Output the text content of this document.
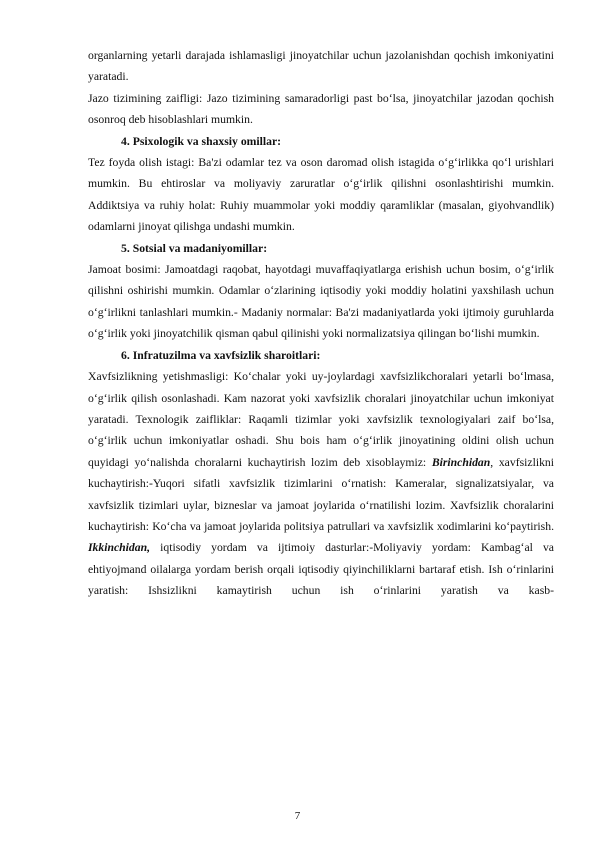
organlarning yetarli darajada ishlamasligi jinoyatchilar uchun jazolanishdan qochish imkoniyatini yaratadi.

Jazo tizimining zaifligi: Jazo tizimining samaradorligi past bo‘lsa, jinoyatchilar jazodan qochish osonroq deb hisoblashlari mumkin.

4. Psixologik va shaxsiy omillar:

Tez foyda olish istagi: Ba'zi odamlar tez va oson daromad olish istagida o‘g‘irlikka qo‘l urishlari mumkin. Bu ehtiroslar va moliyaviy zaruratlar o‘g‘irlik qilishni osonlashtirishi mumkin. Addiktsiya va ruhiy holat: Ruhiy muammolar yoki moddiy qaramliklar (masalan, giyohvandlik) odamlarni jinoyat qilishga undashi mumkin.

5. Sotsial va madaniyomillar:

Jamoat bosimi: Jamoatdagi raqobat, hayotdagi muvaffaqiyatlarga erishish uchun bosim, o‘g‘irlik qilishni oshirishi mumkin. Odamlar o‘zlarining iqtisodiy yoki moddiy holatini yaxshilash uchun o‘g‘irlikni tanlashlari mumkin.- Madaniy normalar: Ba'zi madaniyatlarda yoki ijtimoiy guruhlarda o‘g‘irlik yoki jinoyatchilik qisman qabul qilinishi yoki normalizatsiya qilingan bo‘lishi mumkin.

6. Infratuzilma va xavfsizlik sharoitlari:

Xavfsizlikning yetishmasligi: Ko‘chalar yoki uy-joylardagi xavfsizlikchoralari yetarli bo‘lmasa, o‘g‘irlik qilish osonlashadi. Kam nazorat yoki xavfsizlik choralari jinoyatchilar uchun imkoniyat yaratadi. Texnologik zaifliklar: Raqamli tizimlar yoki xavfsizlik texnologiyalari zaif bo‘lsa, o‘g‘irlik uchun imkoniyatlar oshadi. Shu bois ham o‘g‘irlik jinoyatining oldini olish uchun quyidagi yo‘nalishda choralarni kuchaytirish lozim deb xisoblaymiz: Birinchidan, xavfsizlikni kuchaytirish:-Yuqori sifatli xavfsizlik tizimlarini o‘rnatish: Kameralar, signalizatsiyalar, va xavfsizlik tizimlari uylar, bizneslar va jamoat joylarida o‘rnatilishi lozim. Xavfsizlik choralarini kuchaytirish: Ko‘cha va jamoat joylarida politsiya patrullari va xavfsizlik xodimlarini ko‘paytirish. Ikkinchidan, iqtisodiy yordam va ijtimoiy dasturlar:-Moliyaviy yordam: Kambag‘al va ehtiyojmand oilalarga yordam berish orqali iqtisodiy qiyinchiliklarni bartaraf etish. Ish o‘rinlarini yaratish: Ishsizlikni kamaytirish uchun ish o‘rinlarini yaratish va kasb-

7
